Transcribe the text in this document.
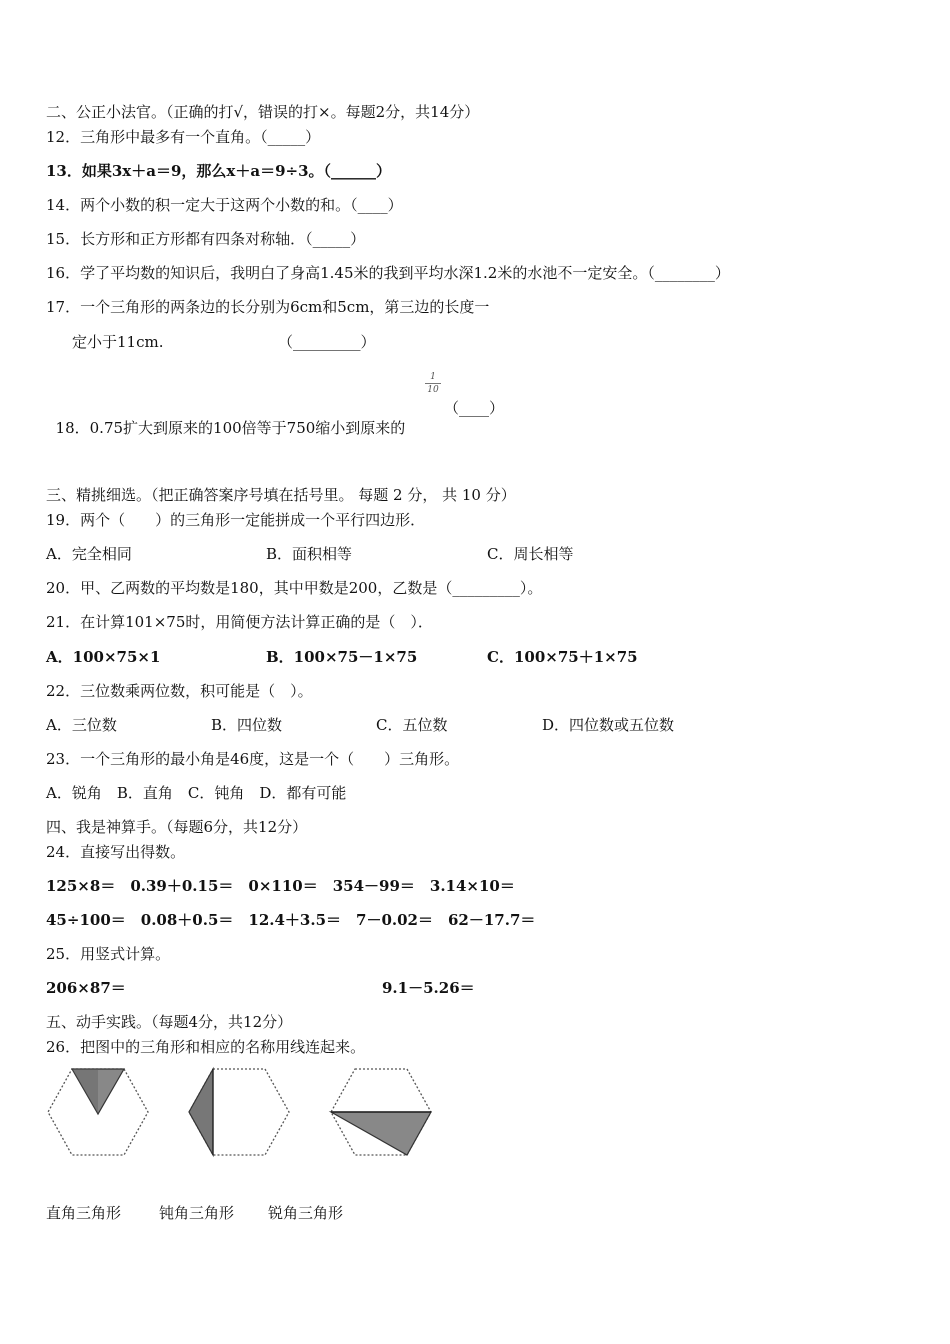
二、公正小法官。（正确的打√，错误的打×。每题2分，共14分）
12．三角形中最多有一个直角。（_____）
13．如果3x＋a＝9，那么x＋a＝9÷3。（______）
14．两个小数的积一定大于这两个小数的和。（____）
15．长方形和正方形都有四条对称轴．（_____）
16．学了平均数的知识后，我明白了身高1.45米的我到平均水深1.2米的水池不一定安全。（________）
17．一个三角形的两条边的长分别为6cm和5cm，第三边的长度一
定小于11cm.	（_________）

18．0.75扩大到原来的100倍等于750缩小到原来的

1
10
（____）
三、精挑细选。（把正确答案序号填在括号里。 每题 2 分， 共 10 分）
19．两个（　　）的三角形一定能拼成一个平行四边形．
A．完全相同	B．面积相等	C．周长相等
20．甲、乙两数的平均数是180，其中甲数是200，乙数是（_________）。
21．在计算101×75时，用简便方法计算正确的是（　）．
A．100×75×1	B．100×75－1×75	C．100×75＋1×75
22．三位数乘两位数，积可能是（　）。
A．三位数	B．四位数	C．五位数	D．四位数或五位数
23．一个三角形的最小角是46度，这是一个（　　）三角形。
A．锐角　B．直角　C．钝角　D．都有可能
四、我是神算手。（每题6分，共12分）
24．直接写出得数。
125×8＝　0.39＋0.15＝　0×110＝　354－99＝　3.14×10＝
45÷100＝　0.08＋0.5＝　12.4＋3.5＝　7－0.02＝　62－17.7＝
25．用竖式计算。
206×87＝	9.1－5.26＝
五、动手实践。（每题4分，共12分）
26．把图中的三角形和相应的名称用线连起来。
直角三角形	钝角三角形 锐角三角形
